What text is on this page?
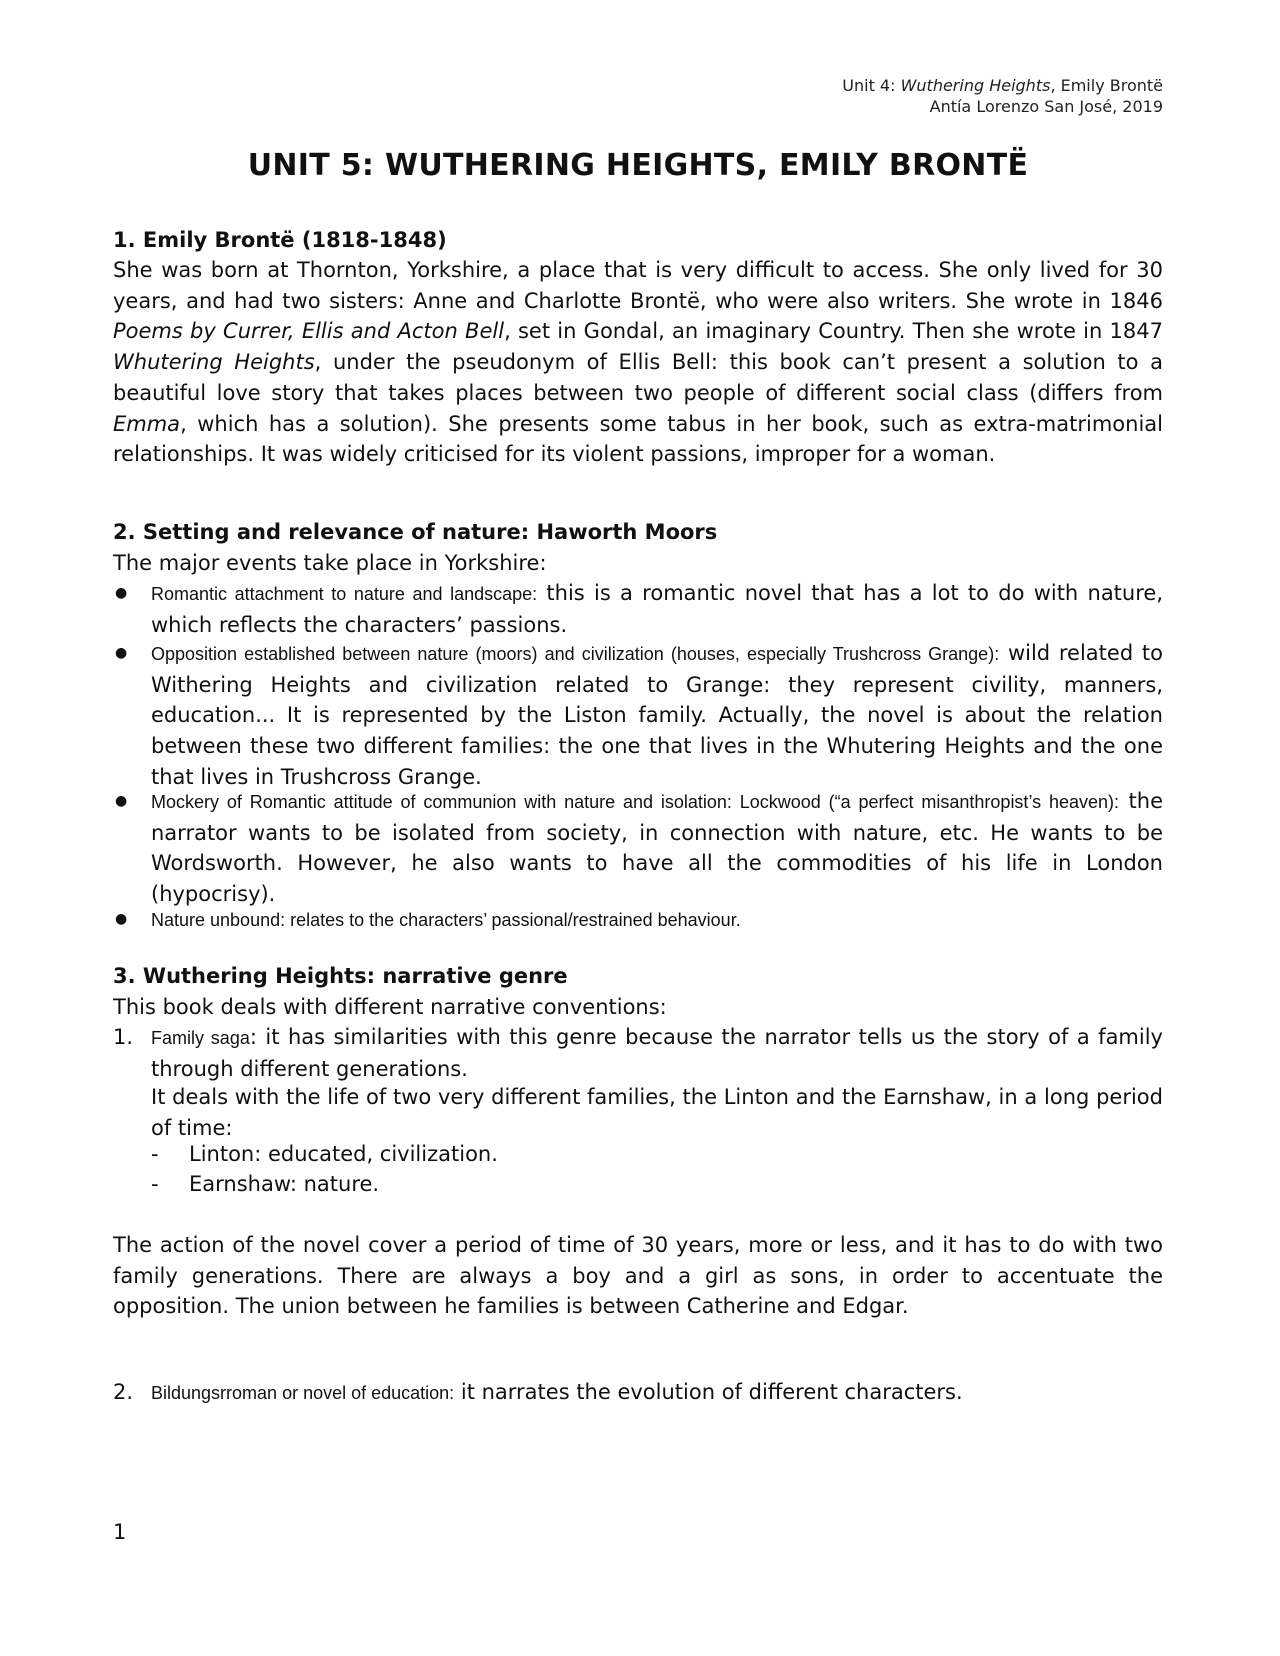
Unit 4: Wuthering Heights, Emily Brontë
Antía Lorenzo San José, 2019
UNIT 5: WUTHERING HEIGHTS, EMILY BRONTË
1. Emily Brontë (1818-1848)
She was born at Thornton, Yorkshire, a place that is very difficult to access. She only lived for 30 years, and had two sisters: Anne and Charlotte Brontë, who were also writers. She wrote in 1846 Poems by Currer, Ellis and Acton Bell, set in Gondal, an imaginary Country. Then she wrote in 1847 Whutering Heights, under the pseudonym of Ellis Bell: this book can’t present a solution to a beautiful love story that takes places between two people of different social class (differs from Emma, which has a solution). She presents some tabus in her book, such as extra-matrimonial relationships. It was widely criticised for its violent passions, improper for a woman.
2. Setting and relevance of nature: Haworth Moors
The major events take place in Yorkshire:
● Romantic attachment to nature and landscape: this is a romantic novel that has a lot to do with nature, which reflects the characters’ passions.
● Opposition established between nature (moors) and civilization (houses, especially Trushcross Grange): wild related to Withering Heights and civilization related to Grange: they represent civility, manners, education... It is represented by the Liston family. Actually, the novel is about the relation between these two different families: the one that lives in the Whutering Heights and the one that lives in Trushcross Grange.
● Mockery of Romantic attitude of communion with nature and isolation: Lockwood (“a perfect misanthropist’s heaven): the narrator wants to be isolated from society, in connection with nature, etc. He wants to be Wordsworth. However, he also wants to have all the commodities of his life in London (hypocrisy).
● Nature unbound: relates to the characters’ passional/restrained behaviour.
3. Wuthering Heights: narrative genre
This book deals with different narrative conventions:
1. Family saga: it has similarities with this genre because the narrator tells us the story of a family through different generations.
It deals with the life of two very different families, the Linton and the Earnshaw, in a long period of time:
- Linton: educated, civilization.
- Earnshaw: nature.
The action of the novel cover a period of time of 30 years, more or less, and it has to do with two family generations. There are always a boy and a girl as sons, in order to accentuate the opposition. The union between he families is between Catherine and Edgar.
2. Bildungsrroman or novel of education: it narrates the evolution of different characters.
1
